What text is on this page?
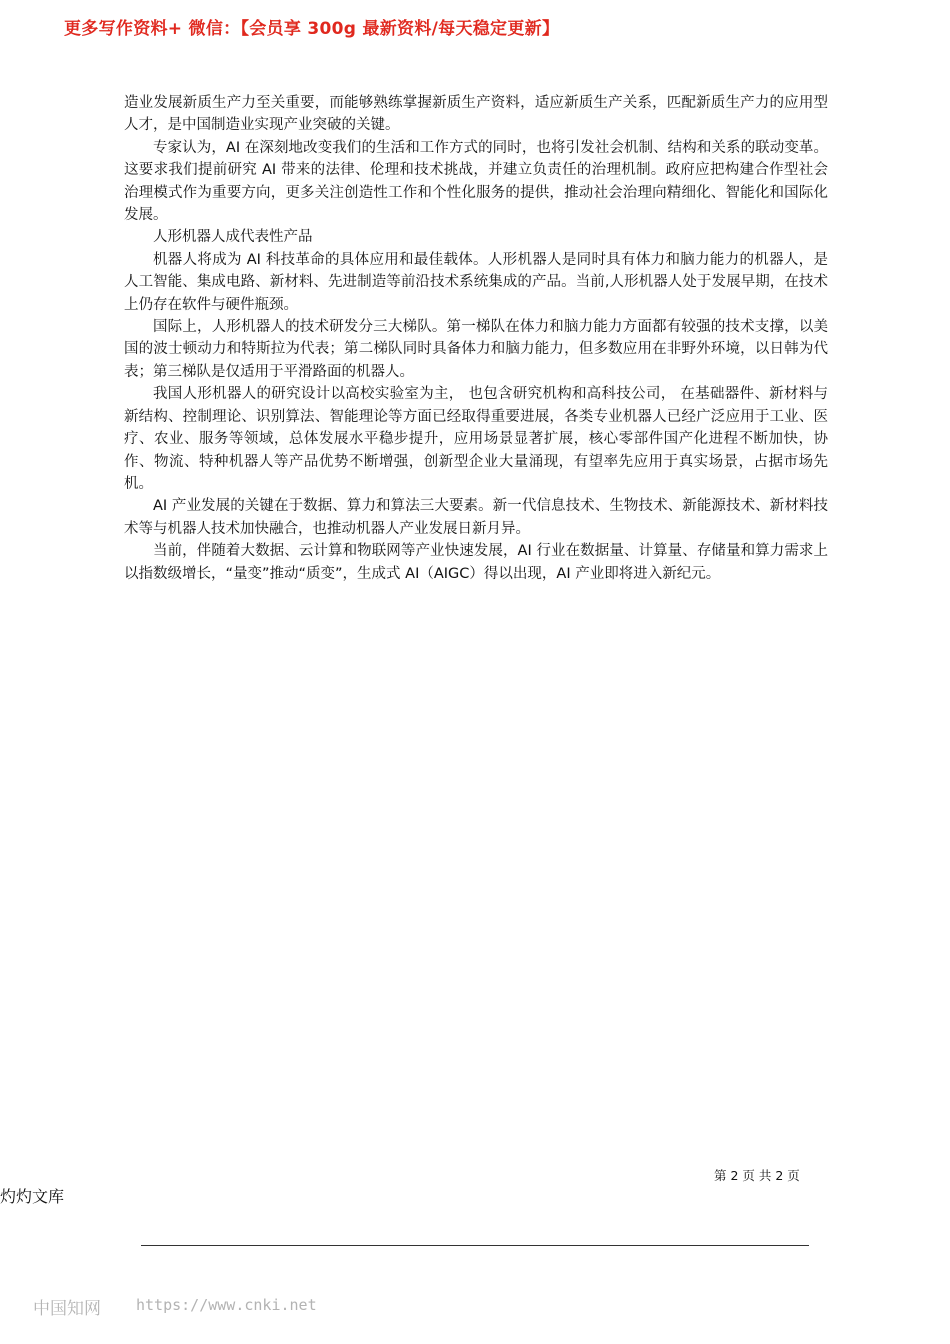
更多写作资料+ 微信：【会员享 300g 最新资料/每天稳定更新】

造业发展新质生产力至关重要，而能够熟练掌握新质生产资料，适应新质生产关系，匹配新质生产力的应用型人才，是中国制造业实现产业突破的关键。

专家认为，AI 在深刻地改变我们的生活和工作方式的同时，也将引发社会机制、结构和关系的联动变革。这要求我们提前研究 AI 带来的法律、伦理和技术挑战，并建立负责任的治理机制。政府应把构建合作型社会治理模式作为重要方向，更多关注创造性工作和个性化服务的提供，推动社会治理向精细化、智能化和国际化发展。

人形机器人成代表性产品

机器人将成为 AI 科技革命的具体应用和最佳载体。人形机器人是同时具有体力和脑力能力的机器人，是人工智能、集成电路、新材料、先进制造等前沿技术系统集成的产品。当前,人形机器人处于发展早期，在技术上仍存在软件与硬件瓶颈。

国际上，人形机器人的技术研发分三大梯队。第一梯队在体力和脑力能力方面都有较强的技术支撑，以美国的波士顿动力和特斯拉为代表；第二梯队同时具备体力和脑力能力，但多数应用在非野外环境，以日韩为代表；第三梯队是仅适用于平滑路面的机器人。

我国人形机器人的研究设计以高校实验室为主， 也包含研究机构和高科技公司， 在基础器件、新材料与新结构、控制理论、识别算法、智能理论等方面已经取得重要进展，各类专业机器人已经广泛应用于工业、医疗、农业、服务等领域，总体发展水平稳步提升，应用场景显著扩展，核心零部件国产化进程不断加快，协作、物流、特种机器人等产品优势不断增强，创新型企业大量涌现，有望率先应用于真实场景，占据市场先机。

AI 产业发展的关键在于数据、算力和算法三大要素。新一代信息技术、生物技术、新能源技术、新材料技术等与机器人技术加快融合，也推动机器人产业发展日新月异。

当前，伴随着大数据、云计算和物联网等产业快速发展，AI 行业在数据量、计算量、存储量和算力需求上以指数级增长，“量变”推动“质变”，生成式 AI（AIGC）得以出现，AI 产业即将进入新纪元。

第 2 页 共 2 页
灼灼文库
中国知网 https://www.cnki.net
